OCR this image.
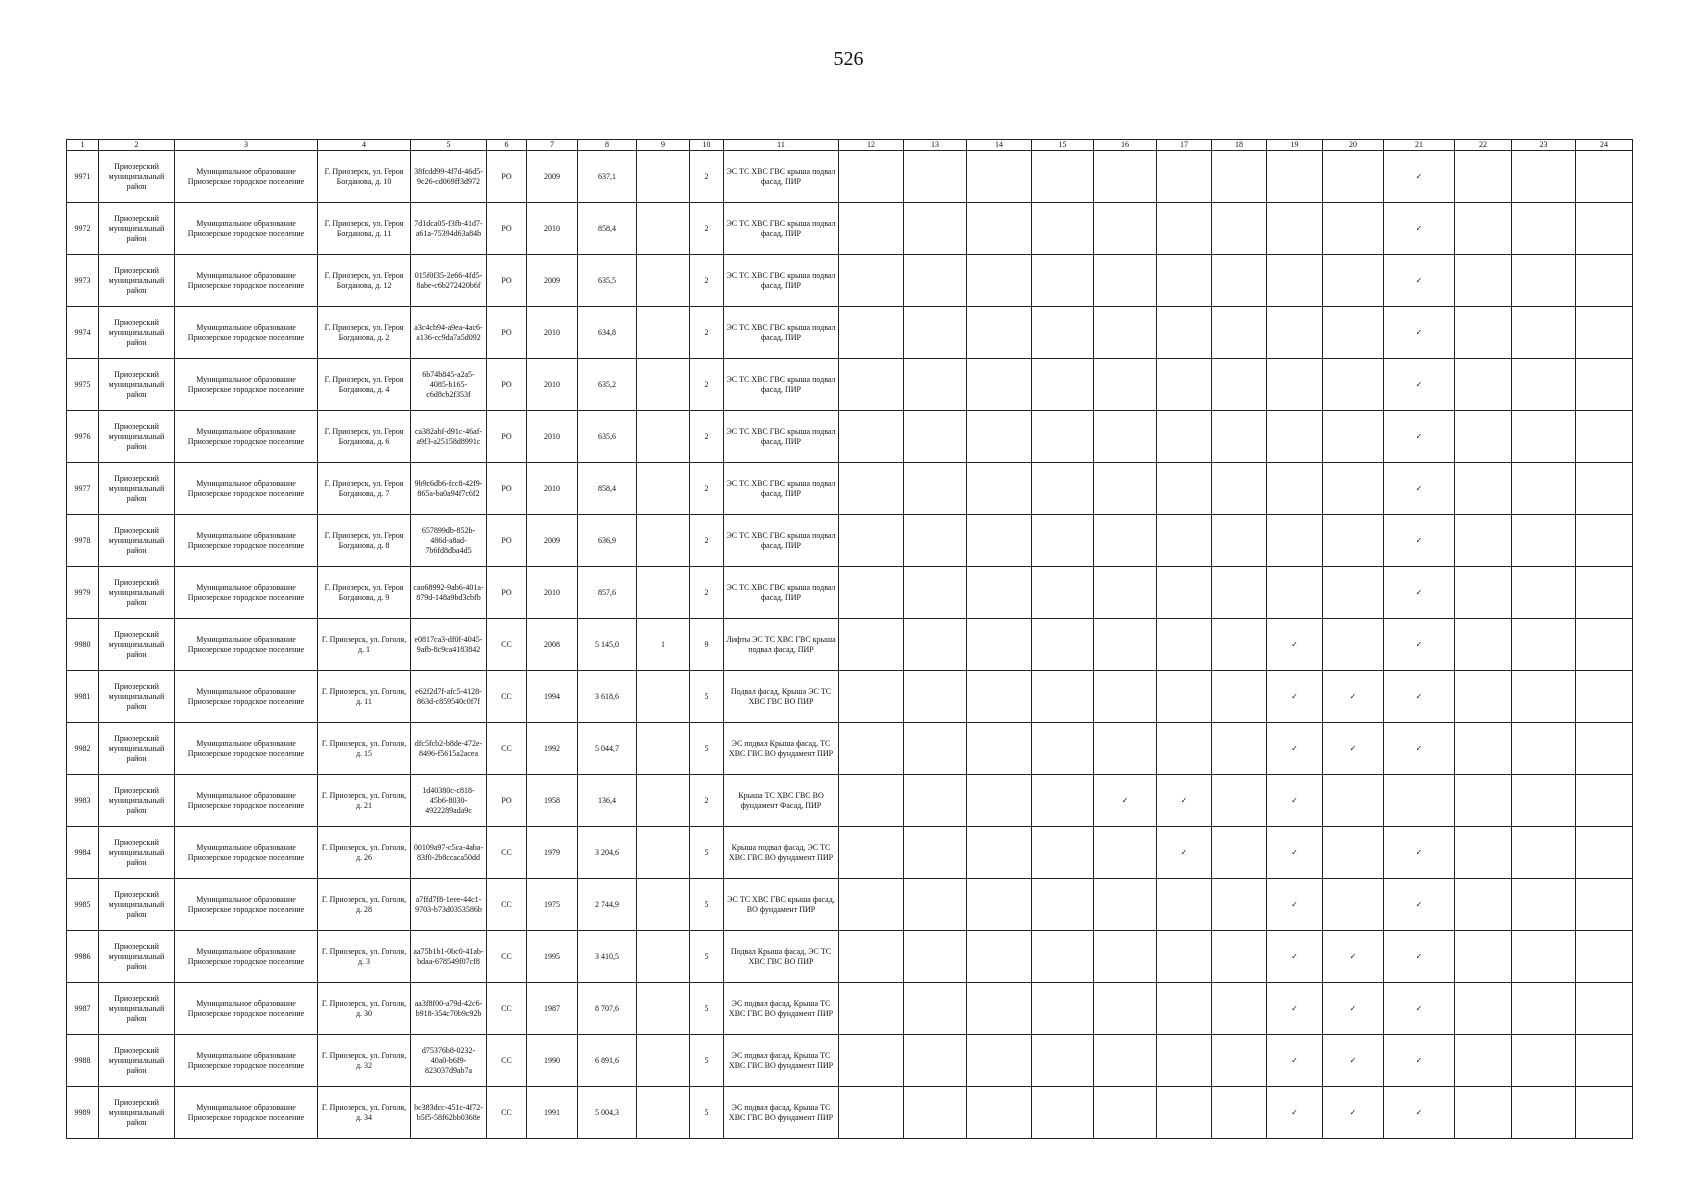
526
1	2	3	4	5	6	7	8	9	10	11	12	13	14	15	16	17	18	19	20	21	22	23	24
9971	Приозерский муниципальный район	Муниципальное образование Приозерское городское поселение	Г. Приозерск, ул. Героя Богданова, д. 10	38fcdd99-4f7d-46d5-9c26-cd069ff3d972	РО	2009	637,1		2	ЭС ТС ХВС ГВС крыша подвал фасад, ПИР										✓			
9972	Приозерский муниципальный район	Муниципальное образование Приозерское городское поселение	Г. Приозерск, ул. Героя Богданова, д. 11	7d1dca05-f3fb-41d7-a61a-75394d63a84b	РО	2010	858,4		2	ЭС ТС ХВС ГВС крыша подвал фасад, ПИР										✓			
9973	Приозерский муниципальный район	Муниципальное образование Приозерское городское поселение	Г. Приозерск, ул. Героя Богданова, д. 12	015f0f35-2e66-4fd5-8abe-c6b272420b6f	РО	2009	635,5		2	ЭС ТС ХВС ГВС крыша подвал фасад, ПИР										✓			
9974	Приозерский муниципальный район	Муниципальное образование Приозерское городское поселение	Г. Приозерск, ул. Героя Богданова, д. 2	a3c4cb94-a9ea-4ac6-a136-cc9da7a5d092	РО	2010	634,8		2	ЭС ТС ХВС ГВС крыша подвал фасад, ПИР										✓			
9975	Приозерский муниципальный район	Муниципальное образование Приозерское городское поселение	Г. Приозерск, ул. Героя Богданова, д. 4	6b74b845-a2a5-4085-b165-c6d8cb2f353f	РО	2010	635,2		2	ЭС ТС ХВС ГВС крыша подвал фасад, ПИР										✓			
9976	Приозерский муниципальный район	Муниципальное образование Приозерское городское поселение	Г. Приозерск, ул. Героя Богданова, д. 6	ca382abf-d91c-46af-a9f3-a25158d8991c	РО	2010	635,6		2	ЭС ТС ХВС ГВС крыша подвал фасад, ПИР										✓			
9977	Приозерский муниципальный район	Муниципальное образование Приозерское городское поселение	Г. Приозерск, ул. Героя Богданова, д. 7	9b9c6db6-fcc8-42f9-865a-ba0a94f7c6f2	РО	2010	858,4		2	ЭС ТС ХВС ГВС крыша подвал фасад, ПИР										✓			
9978	Приозерский муниципальный район	Муниципальное образование Приозерское городское поселение	Г. Приозерск, ул. Героя Богданова, д. 8	657899db-852b-486d-a8ad-7b6fd8dba4d5	РО	2009	636,9		2	ЭС ТС ХВС ГВС крыша подвал фасад, ПИР										✓			
9979	Приозерский муниципальный район	Муниципальное образование Приозерское городское поселение	Г. Приозерск, ул. Героя Богданова, д. 9	cao68992-9ab6-401a-879d-148a9bd3cbfb	РО	2010	857,6		2	ЭС ТС ХВС ГВС крыша подвал фасад, ПИР										✓			
9980	Приозерский муниципальный район	Муниципальное образование Приозерское городское поселение	Г. Приозерск, ул. Гоголя, д. 1	e0817ca3-df0f-4045-9afb-8c9ca4183842	СС	2008	5 145,0	1	9	Лифты ЭС ТС ХВС ГВС крыша подвал фасад, ПИР								✓		✓			
9981	Приозерский муниципальный район	Муниципальное образование Приозерское городское поселение	Г. Приозерск, ул. Гоголя, д. 11	e62f2d7f-afc5-4128-863d-c859540c0f7f	СС	1994	3 618,6		5	Подвал фасад, Крыша ЭС ТС ХВС ГВС ВО ПИР								✓	✓	✓			
9982	Приозерский муниципальный район	Муниципальное образование Приозерское городское поселение	Г. Приозерск, ул. Гоголя, д. 15	dfc5fcb2-b8de-472e-8496-f5615a2acea	СС	1992	5 044,7		5	ЭС подвал Крыша фасад, ТС ХВС ГВС ВО фундамент ПИР								✓	✓	✓			
9983	Приозерский муниципальный район	Муниципальное образование Приозерское городское поселение	Г. Приозерск, ул. Гоголя, д. 21	1d40380c-c818-45b6-8030-4922289ada9c	РО	1958	136,4		2	Крыша ТС ХВС ГВС ВО фундамент Фасад, ПИР					✓	✓		✓					
9984	Приозерский муниципальный район	Муниципальное образование Приозерское городское поселение	Г. Приозерск, ул. Гоголя, д. 26	00109a97-c5ca-4aba-83f0-2b8ccaca50dd	СС	1979	3 204,6		5	Крыша подвал фасад, ЭС ТС ХВС ГВС ВО фундамент ПИР						✓		✓		✓			
9985	Приозерский муниципальный район	Муниципальное образование Приозерское городское поселение	Г. Приозерск, ул. Гоголя, д. 28	a7ffd7f8-1eee-44c1-9703-b73d0353586b	СС	1975	2 744,9		5	ЭС ТС ХВС ГВС крыша фасад, ВО фундамент ПИР								✓		✓			
9986	Приозерский муниципальный район	Муниципальное образование Приозерское городское поселение	Г. Приозерск, ул. Гоголя, д. 3	aa75b1b1-0bc0-41ab-bdaa-678549f07cf8	СС	1995	3 410,5		5	Подвал Крыша фасад, ЭС ТС ХВС ГВС ВО ПИР								✓	✓	✓			
9987	Приозерский муниципальный район	Муниципальное образование Приозерское городское поселение	Г. Приозерск, ул. Гоголя, д. 30	aa3f8f00-a79d-42c6-b918-354c70b9c92b	СС	1987	8 707,6		5	ЭС подвал фасад, Крыша ТС ХВС ГВС ВО фундамент ПИР								✓	✓	✓			
9988	Приозерский муниципальный район	Муниципальное образование Приозерское городское поселение	Г. Приозерск, ул. Гоголя, д. 32	d75376b8-0232-40a0-b6f9-823037d9ab7a	СС	1990	6 891,6		5	ЭС подвал фасад, Крыша ТС ХВС ГВС ВО фундамент ПИР								✓	✓	✓			
9989	Приозерский муниципальный район	Муниципальное образование Приозерское городское поселение	Г. Приозерск, ул. Гоголя, д. 34	bc383dcc-451c-4f72-b5f5-58f62bb0368e	СС	1991	5 004,3		5	ЭС подвал фасад, Крыша ТС ХВС ГВС ВО фундамент ПИР								✓	✓	✓			
